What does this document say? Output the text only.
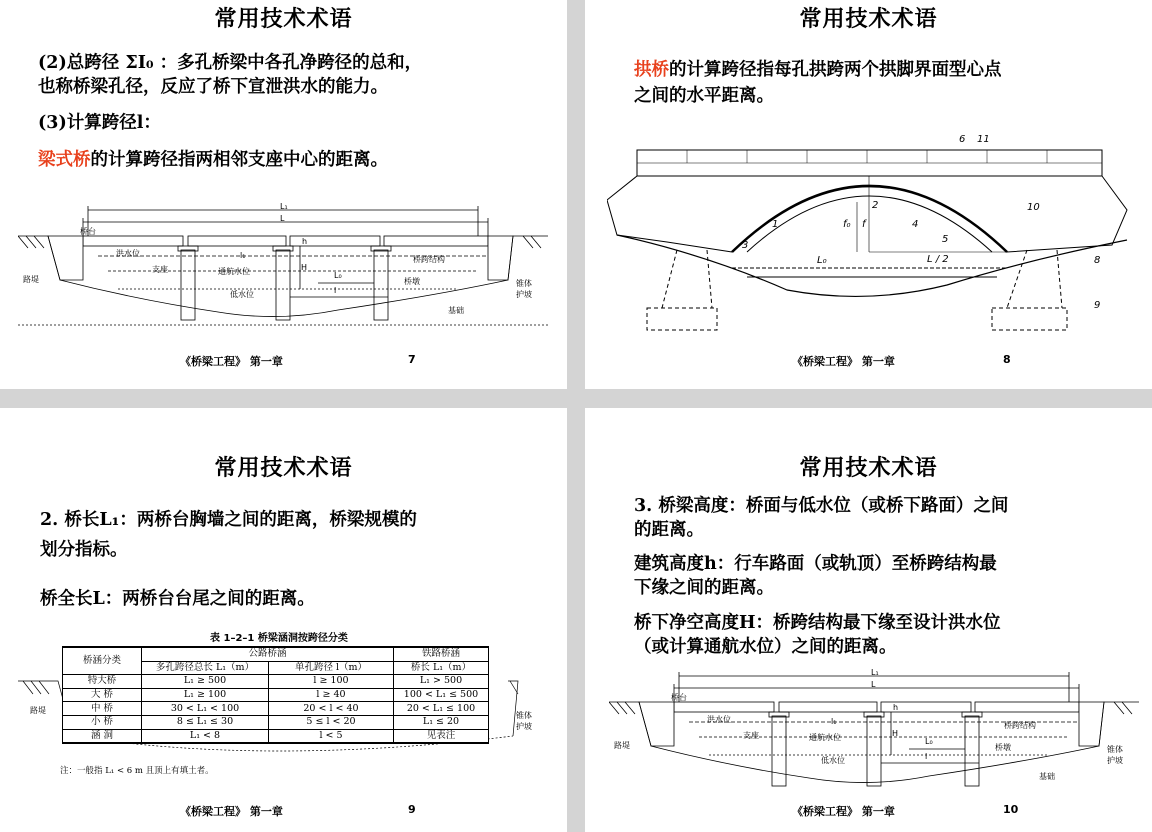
常用技术术语
(2)总跨径 ΣI₀ ：多孔桥梁中各孔净跨径的总和，
也称桥梁孔径，反应了桥下宣泄洪水的能力。
(3)计算跨径l：
梁式桥的计算跨径指两相邻支座中心的距离。
L₁
L
桥台
洪水位
支座
l₁
通航水位
低水位
h
H
L₀
l
桥跨结构
桥墩
路堤	锥体
护坡
基础
《桥梁工程》 第一章	7
常用技术术语
拱桥的计算跨径指每孔拱跨两个拱脚界面型心点
之间的水平距离。
6 11
2
1	f₀ f	4
5
3
L / 2
L₀
10
8
9
《桥梁工程》 第一章	8
常用技术术语
2. 桥长L₁：两桥台胸墙之间的距离，桥梁规模的
划分指标。
桥全长L：两桥台台尾之间的距离。
表 1–2–1 桥梁涵洞按跨径分类
路堤
锥体
护坡
桥涵分类	公路桥涵		铁路桥涵
	多孔跨径总长 L₁（m）	单孔跨径 l（m）	桥长 L₁（m）
特大桥	L₁ ≥ 500	l ≥ 100	L₁ > 500
大 桥	L₁ ≥ 100	l ≥ 40	100 < L₁ ≤ 500
中 桥	30 < L₁ < 100	20 < l < 40	20 < L₁ ≤ 100
小 桥	8 ≤ L₁ ≤ 30	5 ≤ l < 20	L₁ ≤ 20
涵 洞	L₁ < 8	l < 5	见表注
注：一般指 L₁ < 6 m 且顶上有填土者。
《桥梁工程》 第一章	9
常用技术术语
3. 桥梁高度：桥面与低水位（或桥下路面）之间
的距离。
建筑高度h：行车路面（或轨顶）至桥跨结构最
下缘之间的距离。
桥下净空高度H：桥跨结构最下缘至设计洪水位
（或计算通航水位）之间的距离。
L₁
L
桥台
洪水位
支座
l₁
通航水位
低水位
h
H
L₀
l
桥跨结构
桥墩
路堤	锥体
护坡
基础
《桥梁工程》 第一章	10
